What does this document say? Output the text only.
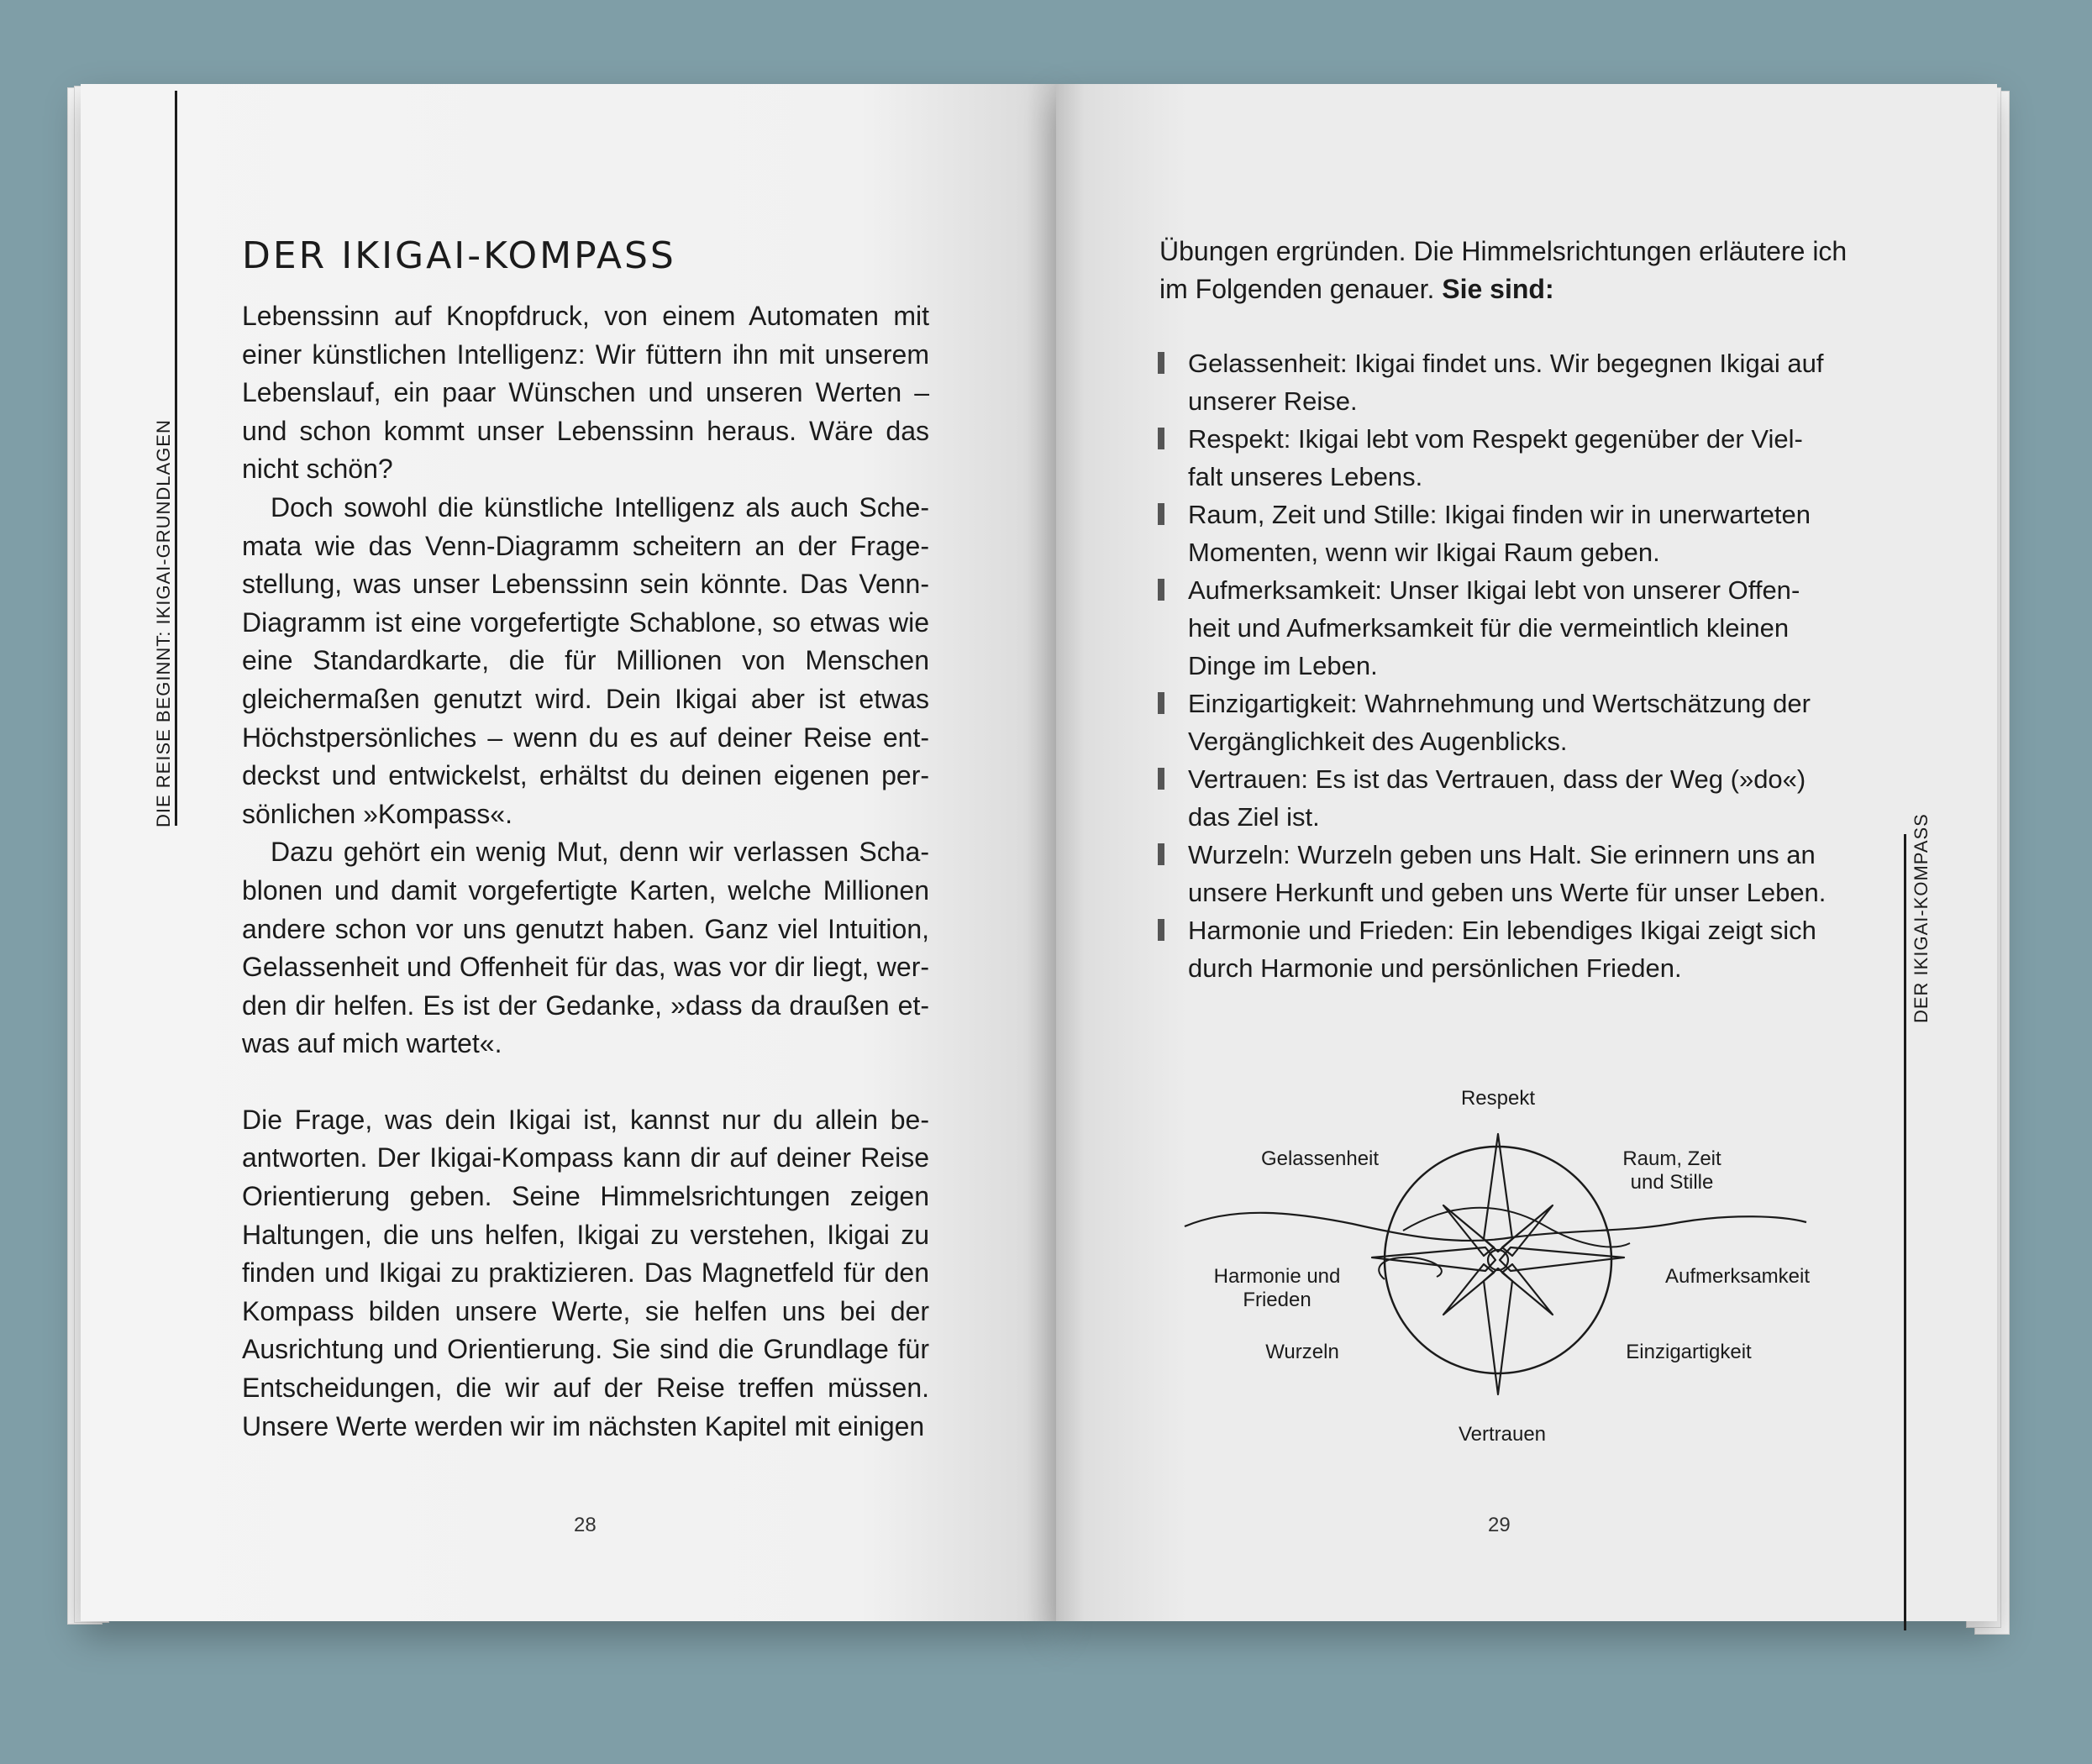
DIE REISE BEGINNT: IKIGAI-GRUNDLAGEN
DER IKIGAI-KOMPASS

Lebenssinn auf Knopfdruck, von einem Automaten mit einer künstlichen Intelligenz: Wir füttern ihn mit unserem Lebenslauf, ein paar Wünschen und unseren Werten – und schon kommt unser Lebenssinn heraus. Wäre das nicht schön?

Doch sowohl die künstliche Intelligenz als auch Schemata wie das Venn-Diagramm scheitern an der Fragestellung, was unser Lebenssinn sein könnte. Das Venn-Diagramm ist eine vorgefertigte Schablone, so etwas wie eine Standardkarte, die für Millionen von Menschen gleichermaßen genutzt wird. Dein Ikigai aber ist etwas Höchstpersönliches – wenn du es auf deiner Reise entdeckst und entwickelst, erhältst du deinen eigenen persönlichen »Kompass«.

Dazu gehört ein wenig Mut, denn wir verlassen Schablonen und damit vorgefertigte Karten, welche Millionen andere schon vor uns genutzt haben. Ganz viel Intuition, Gelassenheit und Offenheit für das, was vor dir liegt, werden dir helfen. Es ist der Gedanke, »dass da draußen etwas auf mich wartet«.

Die Frage, was dein Ikigai ist, kannst nur du allein beantworten. Der Ikigai-Kompass kann dir auf deiner Reise Orientierung geben. Seine Himmelsrichtungen zeigen Haltungen, die uns helfen, Ikigai zu verstehen, Ikigai zu finden und Ikigai zu praktizieren. Das Magnetfeld für den Kompass bilden unsere Werte, sie helfen uns bei der Ausrichtung und Orientierung. Sie sind die Grundlage für Entscheidungen, die wir auf der Reise treffen müssen. Unsere Werte werden wir im nächsten Kapitel mit einigen

28
Übungen ergründen. Die Himmelsrichtungen erläutere ich im Folgenden genauer. Sie sind:
Gelassenheit: Ikigai findet uns. Wir begegnen Ikigai auf unserer Reise.
Respekt: Ikigai lebt vom Respekt gegenüber der Vielfalt unseres Lebens.
Raum, Zeit und Stille: Ikigai finden wir in unerwarteten Momenten, wenn wir Ikigai Raum geben.
Aufmerksamkeit: Unser Ikigai lebt von unserer Offenheit und Aufmerksamkeit für die vermeintlich kleinen Dinge im Leben.
Einzigartigkeit: Wahrnehmung und Wertschätzung der Vergänglichkeit des Augenblicks.
Vertrauen: Es ist das Vertrauen, dass der Weg (»do«) das Ziel ist.
Wurzeln: Wurzeln geben uns Halt. Sie erinnern uns an unsere Herkunft und geben uns Werte für unser Leben.
Harmonie und Frieden: Ein lebendiges Ikigai zeigt sich durch Harmonie und persönlichen Frieden.
Respekt
Gelassenheit	Raum, Zeit
und Stille
Harmonie und
Frieden
Aufmerksamkeit
Wurzeln	Einzigartigkeit
Vertrauen
29
DER IKIGAI-KOMPASS
